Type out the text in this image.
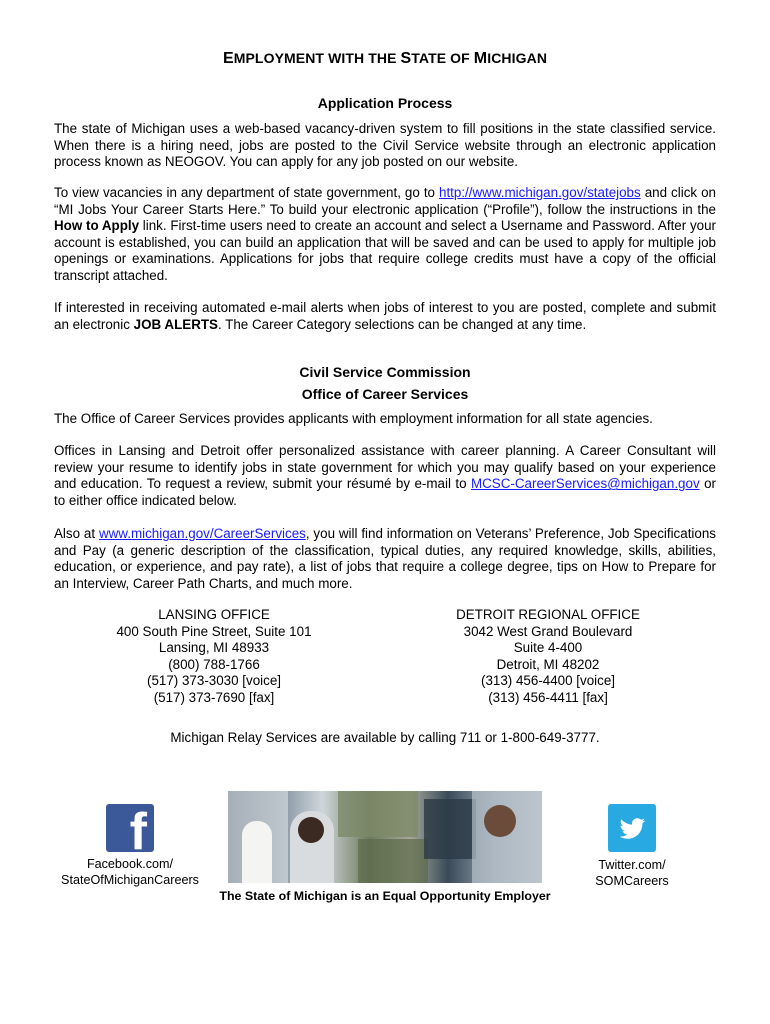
EMPLOYMENT WITH THE STATE OF MICHIGAN
Application Process
The state of Michigan uses a web-based vacancy-driven system to fill positions in the state classified service. When there is a hiring need, jobs are posted to the Civil Service website through an electronic application process known as NEOGOV. You can apply for any job posted on our website.
To view vacancies in any department of state government, go to http://www.michigan.gov/statejobs and click on “MI Jobs Your Career Starts Here.” To build your electronic application (“Profile”), follow the instructions in the How to Apply link. First-time users need to create an account and select a Username and Password. After your account is established, you can build an application that will be saved and can be used to apply for multiple job openings or examinations. Applications for jobs that require college credits must have a copy of the official transcript attached.
If interested in receiving automated e-mail alerts when jobs of interest to you are posted, complete and submit an electronic JOB ALERTS. The Career Category selections can be changed at any time.
Civil Service Commission
Office of Career Services
The Office of Career Services provides applicants with employment information for all state agencies.
Offices in Lansing and Detroit offer personalized assistance with career planning. A Career Consultant will review your resume to identify jobs in state government for which you may qualify based on your experience and education. To request a review, submit your résumé by e-mail to MCSC-CareerServices@michigan.gov or to either office indicated below.
Also at www.michigan.gov/CareerServices, you will find information on Veterans’ Preference, Job Specifications and Pay (a generic description of the classification, typical duties, any required knowledge, skills, abilities, education, or experience, and pay rate), a list of jobs that require a college degree, tips on How to Prepare for an Interview, Career Path Charts, and much more.
LANSING OFFICE
400 South Pine Street, Suite 101
Lansing, MI 48933
(800) 788-1766
(517) 373-3030 [voice]
(517) 373-7690 [fax]
DETROIT REGIONAL OFFICE
3042 West Grand Boulevard
Suite 4-400
Detroit, MI 48202
(313) 456-4400 [voice]
(313) 456-4411 [fax]
Michigan Relay Services are available by calling 711 or 1-800-649-3777.
f
Facebook.com/
StateOfMichiganCareers
Twitter.com/
SOMCareers
The State of Michigan is an Equal Opportunity Employer
